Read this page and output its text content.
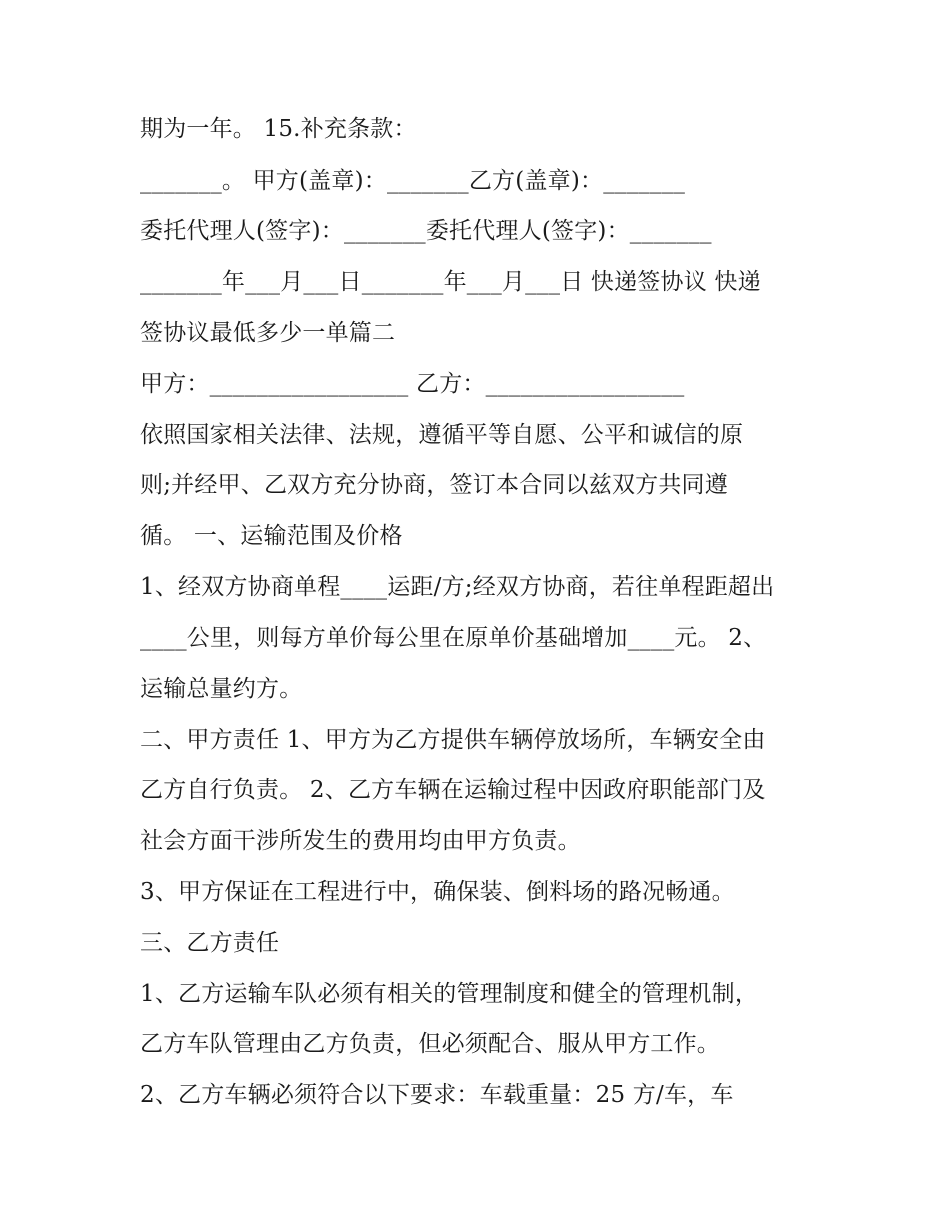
期为一年。 15.补充条款：
_______。 甲方(盖章)：_______乙方(盖章)：_______
委托代理人(签字)：_______委托代理人(签字)：_______
_______年___月___日_______年___月___日 快递签协议 快递
签协议最低多少一单篇二
甲方：_________________ 乙方：_________________
依照国家相关法律、法规，遵循平等自愿、公平和诚信的原
则;并经甲、乙双方充分协商，签订本合同以兹双方共同遵
循。 一、运输范围及价格
1、经双方协商单程____运距/方;经双方协商，若往单程距超出
____公里，则每方单价每公里在原单价基础增加____元。 2、
运输总量约方。
二、甲方责任 1、甲方为乙方提供车辆停放场所，车辆安全由
乙方自行负责。 2、乙方车辆在运输过程中因政府职能部门及
社会方面干涉所发生的费用均由甲方负责。
3、甲方保证在工程进行中，确保装、倒料场的路况畅通。
三、乙方责任
1、乙方运输车队必须有相关的管理制度和健全的管理机制，
乙方车队管理由乙方负责，但必须配合、服从甲方工作。
2、乙方车辆必须符合以下要求：车载重量：25 方/车，车
